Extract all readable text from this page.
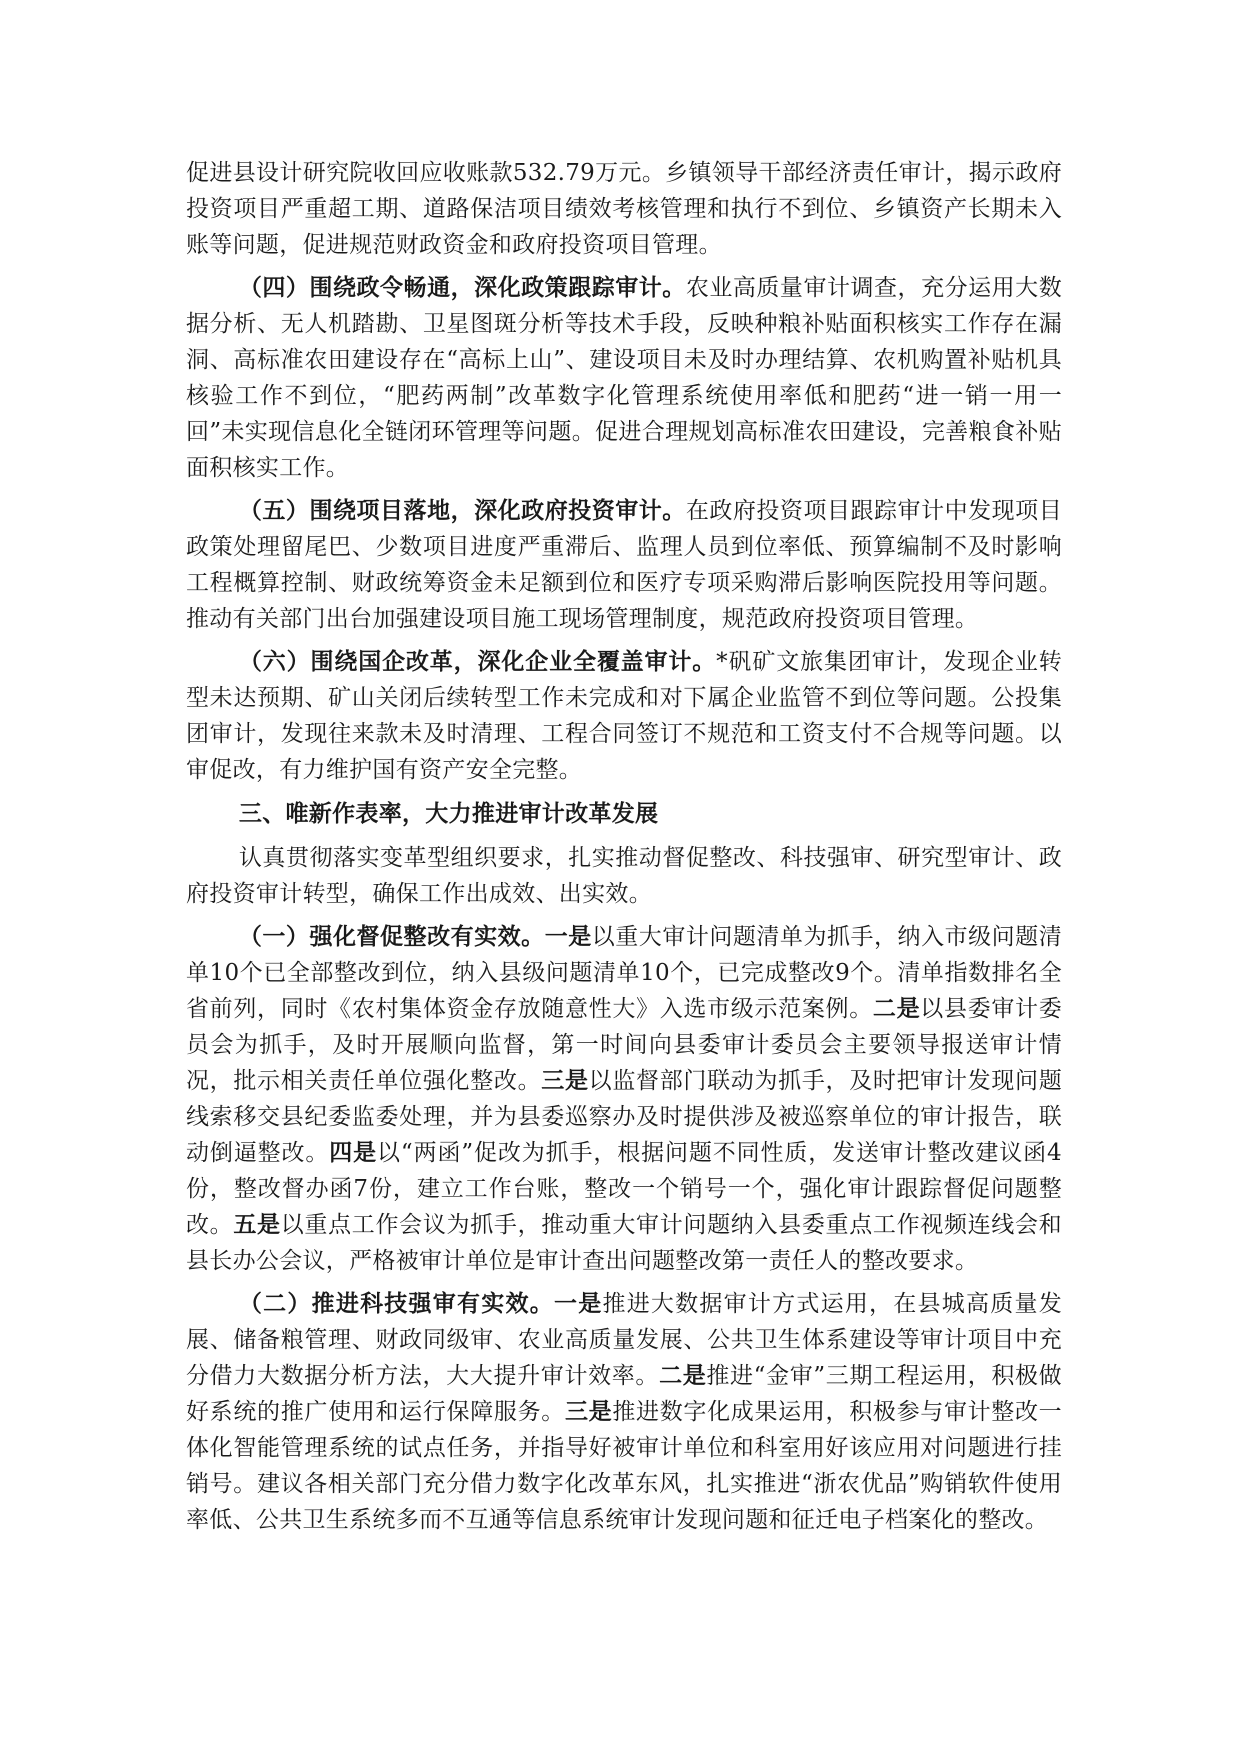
促进县设计研究院收回应收账款532.79万元。乡镇领导干部经济责任审计，揭示政府投资项目严重超工期、道路保洁项目绩效考核管理和执行不到位、乡镇资产长期未入账等问题，促进规范财政资金和政府投资项目管理。

（四）围绕政令畅通，深化政策跟踪审计。农业高质量审计调查，充分运用大数据分析、无人机踏勘、卫星图斑分析等技术手段，反映种粮补贴面积核实工作存在漏洞、高标准农田建设存在“高标上山”、建设项目未及时办理结算、农机购置补贴机具核验工作不到位，“肥药两制”改革数字化管理系统使用率低和肥药“进一销一用一回”未实现信息化全链闭环管理等问题。促进合理规划高标准农田建设，完善粮食补贴面积核实工作。

（五）围绕项目落地，深化政府投资审计。在政府投资项目跟踪审计中发现项目政策处理留尾巴、少数项目进度严重滞后、监理人员到位率低、预算编制不及时影响工程概算控制、财政统筹资金未足额到位和医疗专项采购滞后影响医院投用等问题。推动有关部门出台加强建设项目施工现场管理制度，规范政府投资项目管理。

（六）围绕国企改革，深化企业全覆盖审计。*矾矿文旅集团审计，发现企业转型未达预期、矿山关闭后续转型工作未完成和对下属企业监管不到位等问题。公投集团审计，发现往来款未及时清理、工程合同签订不规范和工资支付不合规等问题。以审促改，有力维护国有资产安全完整。

三、唯新作表率，大力推进审计改革发展

认真贯彻落实变革型组织要求，扎实推动督促整改、科技强审、研究型审计、政府投资审计转型，确保工作出成效、出实效。

（一）强化督促整改有实效。一是以重大审计问题清单为抓手，纳入市级问题清单10个已全部整改到位，纳入县级问题清单10个，已完成整改9个。清单指数排名全省前列，同时《农村集体资金存放随意性大》入选市级示范案例。二是以县委审计委员会为抓手，及时开展顺向监督，第一时间向县委审计委员会主要领导报送审计情况，批示相关责任单位强化整改。三是以监督部门联动为抓手，及时把审计发现问题线索移交县纪委监委处理，并为县委巡察办及时提供涉及被巡察单位的审计报告，联动倒逼整改。四是以“两函”促改为抓手，根据问题不同性质，发送审计整改建议函4份，整改督办函7份，建立工作台账，整改一个销号一个，强化审计跟踪督促问题整改。五是以重点工作会议为抓手，推动重大审计问题纳入县委重点工作视频连线会和县长办公会议，严格被审计单位是审计查出问题整改第一责任人的整改要求。

（二）推进科技强审有实效。一是推进大数据审计方式运用，在县城高质量发展、储备粮管理、财政同级审、农业高质量发展、公共卫生体系建设等审计项目中充分借力大数据分析方法，大大提升审计效率。二是推进“金审”三期工程运用，积极做好系统的推广使用和运行保障服务。三是推进数字化成果运用，积极参与审计整改一体化智能管理系统的试点任务，并指导好被审计单位和科室用好该应用对问题进行挂销号。建议各相关部门充分借力数字化改革东风，扎实推进“浙农优品”购销软件使用率低、公共卫生系统多而不互通等信息系统审计发现问题和征迁电子档案化的整改。
